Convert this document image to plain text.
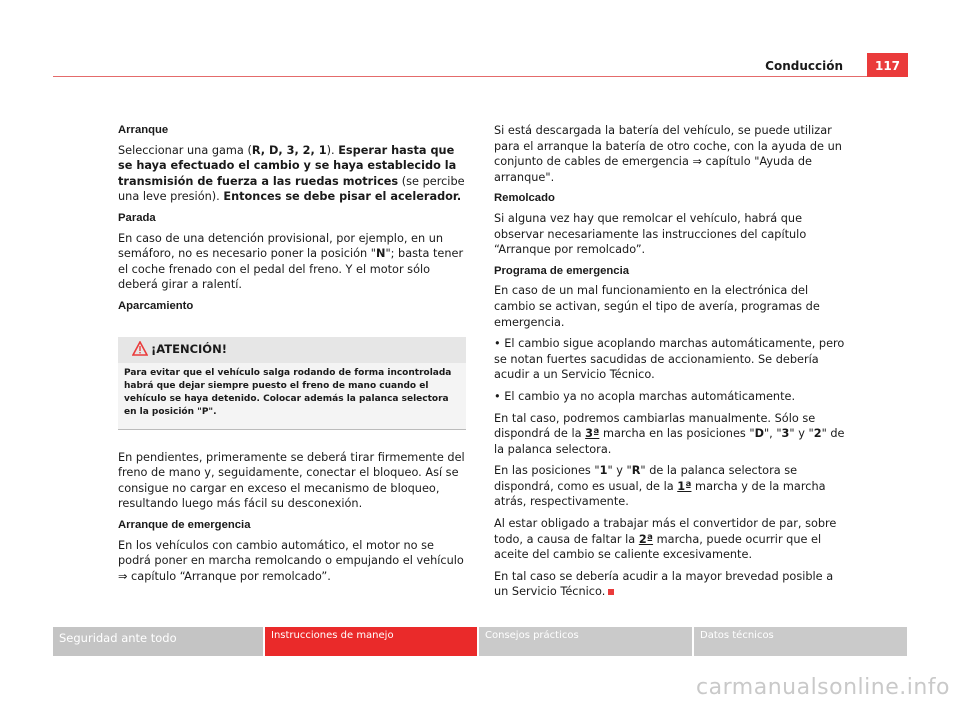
Conducción	117
Arranque

Seleccionar una gama (R, D, 3, 2, 1). Esperar hasta que se haya efectuado el cambio y se haya establecido la transmisión de fuerza a las ruedas motrices (se percibe una leve presión). Entonces se debe pisar el acelerador.

Parada

En caso de una detención provisional, por ejemplo, en un semáforo, no es necesario poner la posición "N"; basta tener el coche frenado con el pedal del freno. Y el motor sólo deberá girar a ralentí.

Aparcamiento
¡ATENCIÓN!
Para evitar que el vehículo salga rodando de forma incontrolada habrá que dejar siempre puesto el freno de mano cuando el vehículo se haya detenido. Colocar además la palanca selectora en la posición "P".

En pendientes, primeramente se deberá tirar firmemente del freno de mano y, seguidamente, conectar el bloqueo. Así se consigue no cargar en exceso el mecanismo de bloqueo, resultando luego más fácil su desconexión.

Arranque de emergencia

En los vehículos con cambio automático, el motor no se podrá poner en marcha remolcando o empujando el vehículo ⇒ capítulo “Arranque por remolcado”.

Si está descargada la batería del vehículo, se puede utilizar para el arranque la batería de otro coche, con la ayuda de un conjunto de cables de emergencia ⇒ capítulo "Ayuda de arranque".

Remolcado

Si alguna vez hay que remolcar el vehículo, habrá que observar necesariamente las instrucciones del capítulo “Arranque por remolcado”.

Programa de emergencia

En caso de un mal funcionamiento en la electrónica del cambio se activan, según el tipo de avería, programas de emergencia.

• El cambio sigue acoplando marchas automáticamente, pero se notan fuertes sacudidas de accionamiento. Se debería acudir a un Servicio Técnico.

• El cambio ya no acopla marchas automáticamente.

En tal caso, podremos cambiarlas manualmente. Sólo se dispondrá de la 3ª marcha en las posiciones "D", "3" y "2" de la palanca selectora.

En las posiciones "1" y "R" de la palanca selectora se dispondrá, como es usual, de la 1ª marcha y de la marcha atrás, respectivamente.

Al estar obligado a trabajar más el convertidor de par, sobre todo, a causa de faltar la 2ª marcha, puede ocurrir que el aceite del cambio se caliente excesivamente.

En tal caso se debería acudir a la mayor brevedad posible a un Servicio Técnico.

Seguridad ante todo	Instrucciones de manejo	Consejos prácticos	Datos técnicos
carmanualsonline.info
